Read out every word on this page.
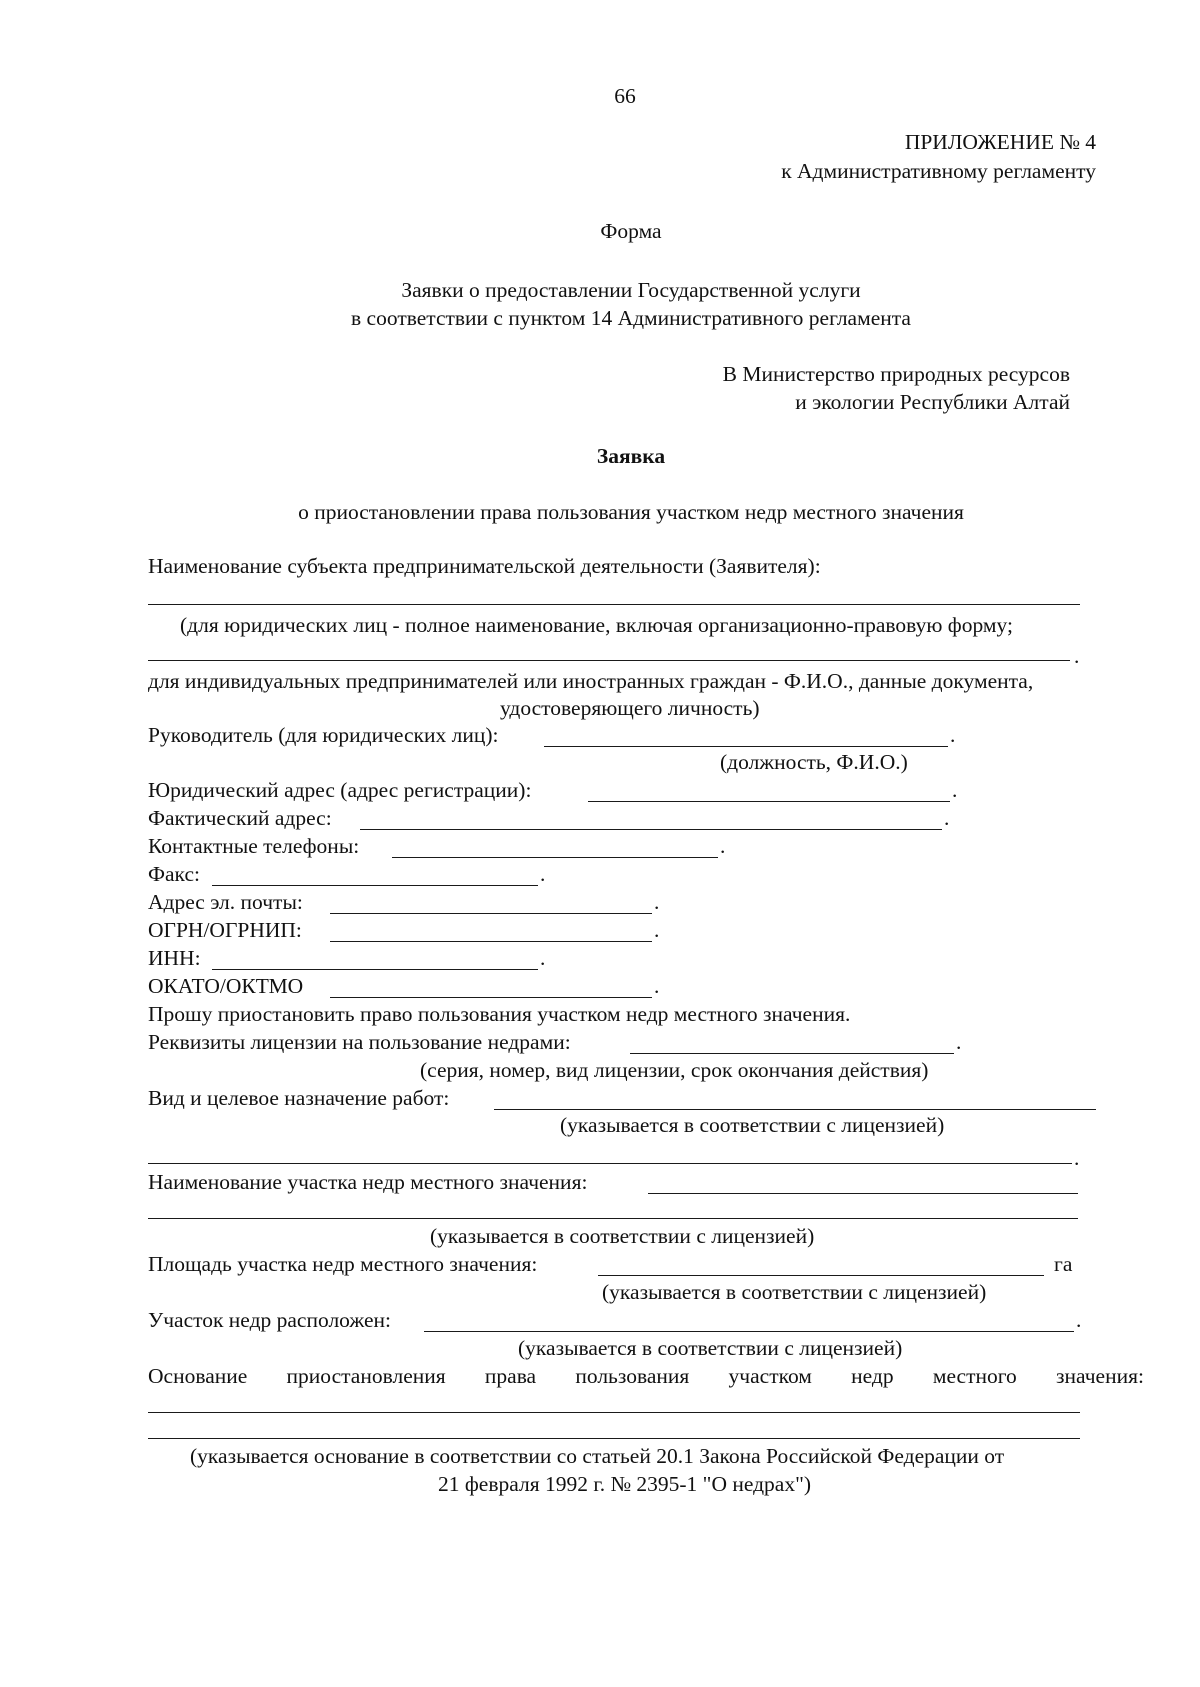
66
ПРИЛОЖЕНИЕ № 4
к Административному регламенту
Форма
Заявки о предоставлении Государственной услуги
в соответствии с пунктом 14 Административного регламента
В Министерство природных ресурсов
и экологии Республики Алтай
Заявка
о приостановлении права пользования участком недр местного значения
Наименование субъекта предпринимательской деятельности (Заявителя):
(для юридических лиц - полное наименование, включая организационно-правовую форму;
.
для индивидуальных предпринимателей или иностранных граждан - Ф.И.О., данные документа,
удостоверяющего личность)
Руководитель (для юридических лиц):	.
(должность, Ф.И.О.)
Юридический адрес (адрес регистрации):	.
Фактический адрес:	.
Контактные телефоны:	.
Факс:	.
Адрес эл. почты:	.
ОГРН/ОГРНИП:	.
ИНН:	.
ОКАТО/ОКТМО	.
Прошу приостановить право пользования участком недр местного значения.
Реквизиты лицензии на пользование недрами:	.
(серия, номер, вид лицензии, срок окончания действия)
Вид и целевое назначение работ:
(указывается в соответствии с лицензией)
.
Наименование участка недр местного значения:
(указывается в соответствии с лицензией)
Площадь участка недр местного значения:	га
(указывается в соответствии с лицензией)
Участок недр расположен:	.
(указывается в соответствии с лицензией)
Основание приостановления права пользования участком недр местного значения:
(указывается основание в соответствии со статьей 20.1 Закона Российской Федерации от
21 февраля 1992 г. № 2395-1 "О недрах")
